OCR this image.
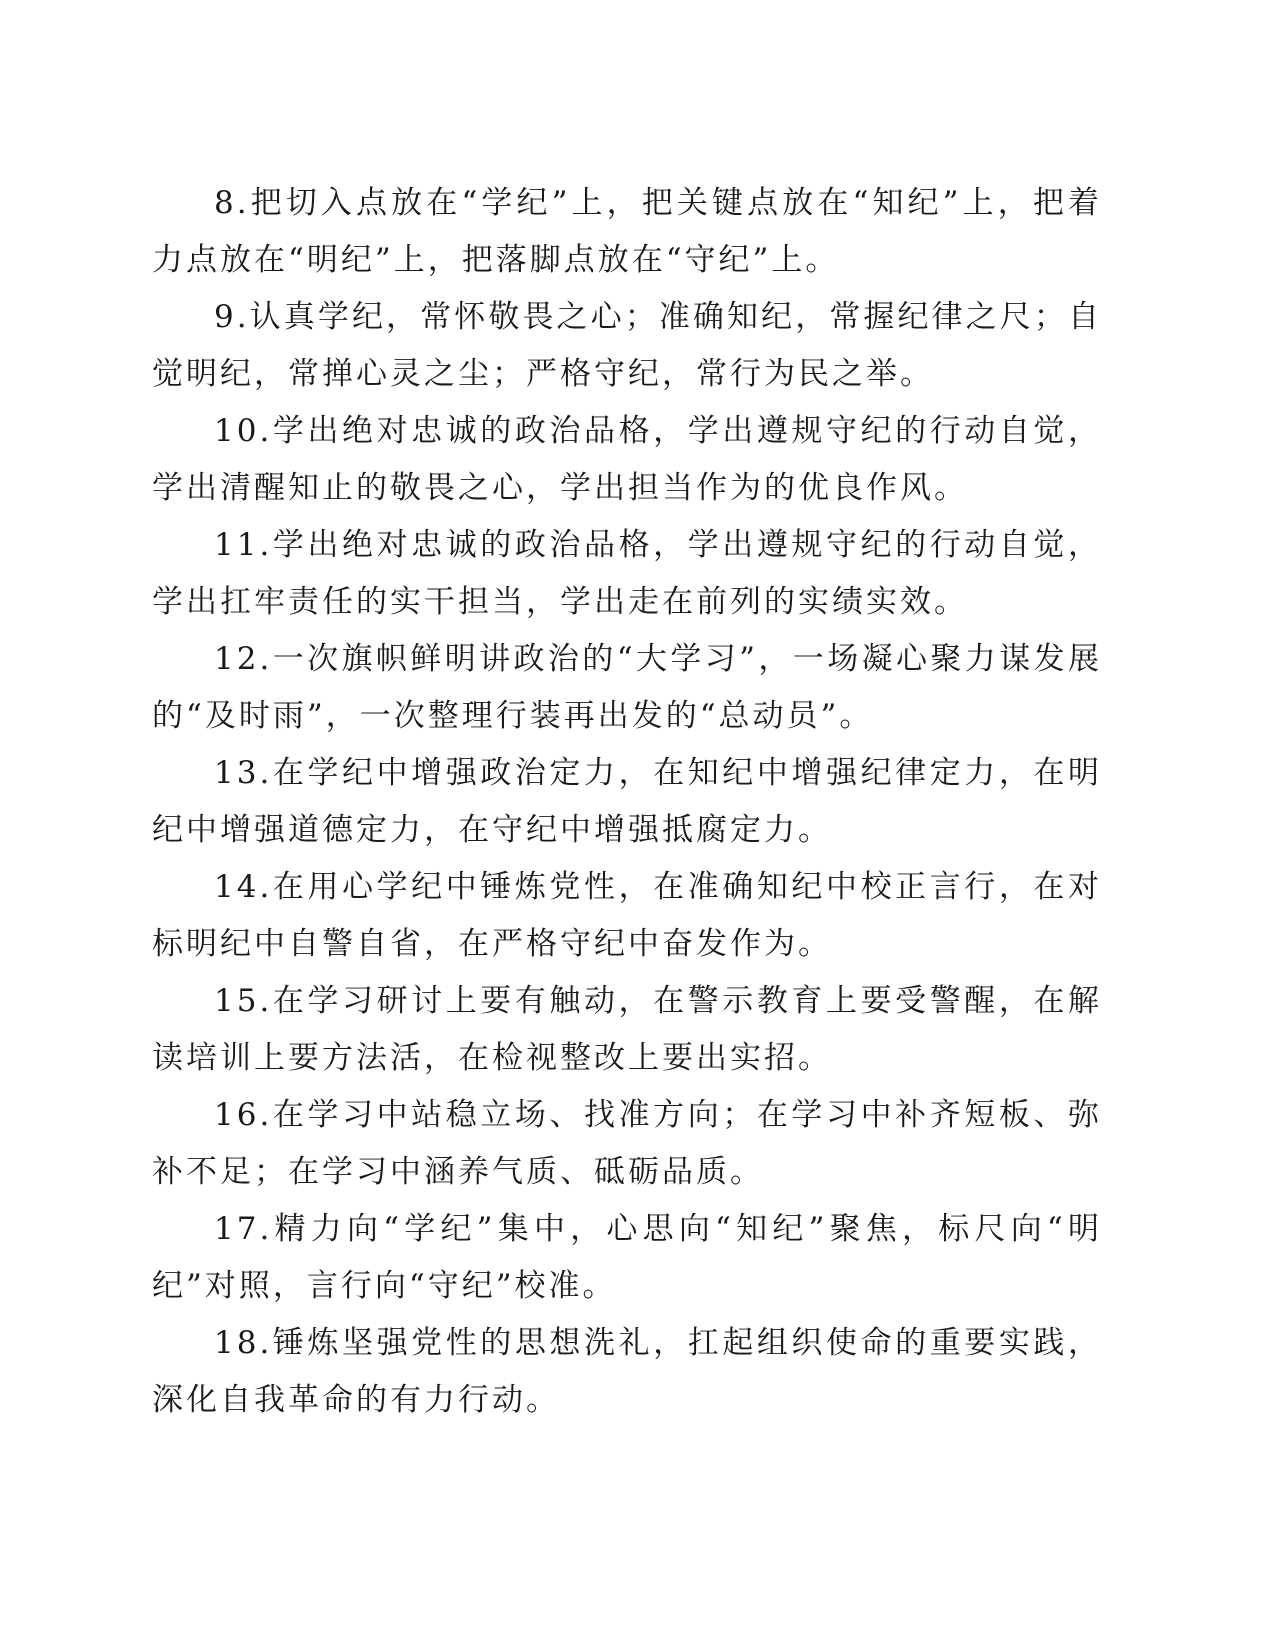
8.把切入点放在“学纪”上，把关键点放在“知纪”上，把着力点放在“明纪”上，把落脚点放在“守纪”上。

9.认真学纪，常怀敬畏之心；准确知纪，常握纪律之尺；自觉明纪，常掸心灵之尘；严格守纪，常行为民之举。

10.学出绝对忠诚的政治品格，学出遵规守纪的行动自觉，学出清醒知止的敬畏之心，学出担当作为的优良作风。

11.学出绝对忠诚的政治品格，学出遵规守纪的行动自觉，学出扛牢责任的实干担当，学出走在前列的实绩实效。

12.一次旗帜鲜明讲政治的“大学习”，一场凝心聚力谋发展的“及时雨”，一次整理行装再出发的“总动员”。

13.在学纪中增强政治定力，在知纪中增强纪律定力，在明纪中增强道德定力，在守纪中增强抵腐定力。

14.在用心学纪中锤炼党性，在准确知纪中校正言行，在对标明纪中自警自省，在严格守纪中奋发作为。

15.在学习研讨上要有触动，在警示教育上要受警醒，在解读培训上要方法活，在检视整改上要出实招。

16.在学习中站稳立场、找准方向；在学习中补齐短板、弥补不足；在学习中涵养气质、砥砺品质。

17.精力向“学纪”集中，心思向“知纪”聚焦，标尺向“明纪”对照，言行向“守纪”校准。

18.锤炼坚强党性的思想洗礼，扛起组织使命的重要实践，深化自我革命的有力行动。
